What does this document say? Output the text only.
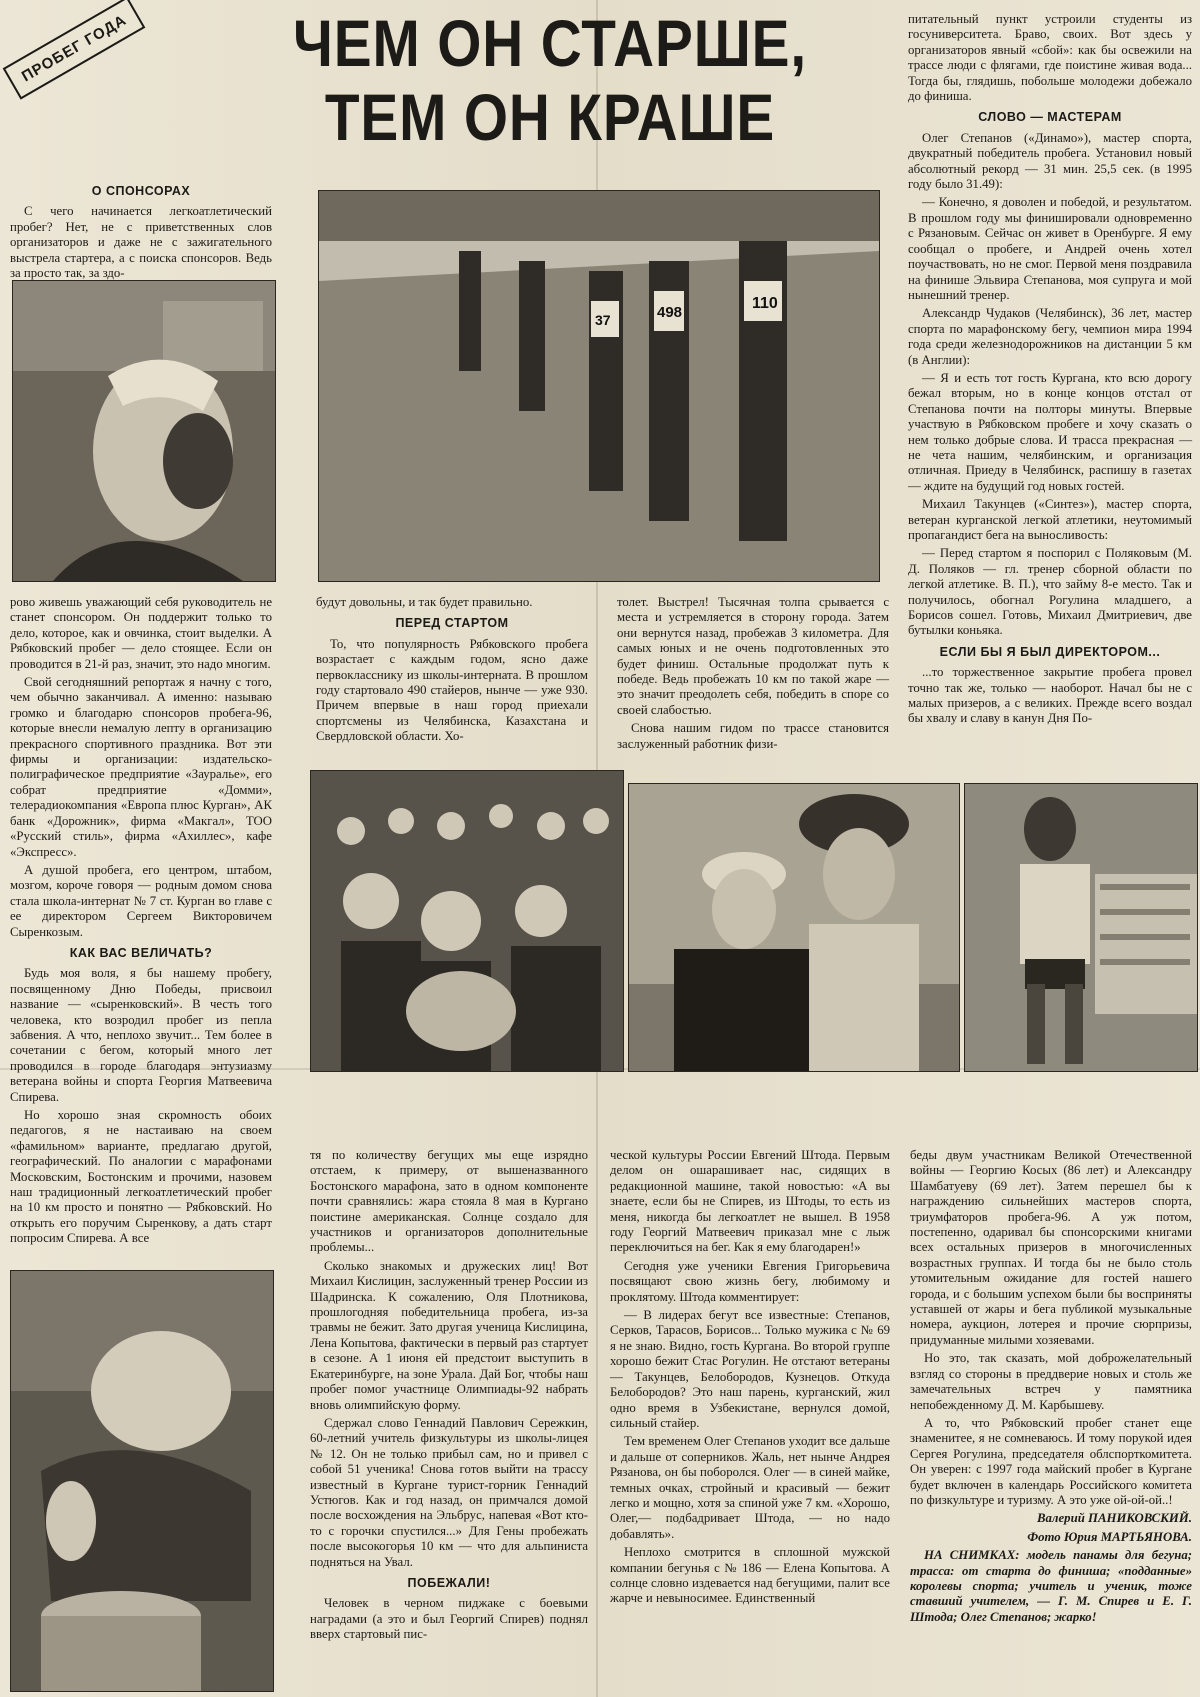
ПРОБЕГ ГОДА	ЧЕМ ОН СТАРШЕ,
ТЕМ ОН КРАШЕ
О СПОНСОРАХ

С чего начинается легкоатлетический пробег? Нет, не с приветственных слов организаторов и даже не с зажигательного выстрела стартера, а с поиска спонсоров. Ведь за просто так, за здо-

рово живешь уважающий себя руководитель не станет спонсором. Он поддержит только то дело, которое, как и овчинка, стоит выделки. А Рябковский пробег — дело стоящее. Если он проводится в 21-й раз, значит, это надо многим.

Свой сегодняшний репортаж я начну с того, чем обычно заканчивал. А именно: называю громко и благодарю спонсоров пробега-96, которые внесли немалую лепту в организацию прекрасного спортивного праздника. Вот эти фирмы и организации: издательско-полиграфическое предприятие «Зауралье», его собрат предприятие «Домми», телерадиокомпания «Европа плюс Курган», АК банк «Дорожник», фирма «Макгал», ТОО «Русский стиль», фирма «Ахиллес», кафе «Экспресс».

А душой пробега, его центром, штабом, мозгом, короче говоря — родным домом снова стала школа-интернат № 7 ст. Курган во главе с ее директором Сергеем Викторовичем Сыренкозым.

КАК ВАС ВЕЛИЧАТЬ?

Будь моя воля, я бы нашему пробегу, посвященному Дню Победы, присвоил название — «сыренковский». В честь того человека, кто возродил пробег из пепла забвения. А что, неплохо звучит... Тем более в сочетании с бегом, который много лет проводился в городе благодаря энтузиазму ветерана войны и спорта Георгия Матвеевича Спирева.

Но хорошо зная скромность обоих педагогов, я не настаиваю на своем «фамильном» варианте, предлагаю другой, географический. По аналогии с марафонами Московским, Бостонским и прочими, назовем наш традиционный легкоатлетический пробег на 10 км просто и понятно — Рябковский. Но открыть его поручим Сыренкову, а дать старт попросим Спирева. А все

110
498
37

будут довольны, и так будет правильно.

ПЕРЕД СТАРТОМ

То, что популярность Рябковского пробега возрастает с каждым годом, ясно даже первокласснику из школы-интерната. В прошлом году стартовало 490 стайеров, нынче — уже 930. Причем впервые в наш город приехали спортсмены из Челябинска, Казахстана и Свердловской области. Хо-

толет. Выстрел! Тысячная толпа срывается с места и устремляется в сторону города. Затем они вернутся назад, пробежав 3 километра. Для самых юных и не очень подготовленных это будет финиш. Остальные продолжат путь к победе. Ведь пробежать 10 км по такой жаре — это значит преодолеть себя, победить в споре со своей слабостью.

Снова нашим гидом по трассе становится заслуженный работник физи-

тя по количеству бегущих мы еще изрядно отстаем, к примеру, от вышеназванного Бостонского марафона, зато в одном компоненте почти сравнялись: жара стояла 8 мая в Кургано поистине американская. Солнце создало для участников и организаторов дополнительные проблемы...

Сколько знакомых и дружеских лиц! Вот Михаил Кислицин, заслуженный тренер России из Шадринска. К сожалению, Оля Плотникова, прошлогодняя победительница пробега, из-за травмы не бежит. Зато другая ученица Кислицина, Лена Копытова, фактически в первый раз стартует в сезоне. А 1 июня ей предстоит выступить в Екатеринбурге, на зоне Урала. Дай Бог, чтобы наш пробег помог участнице Олимпиады-92 набрать вновь олимпийскую форму.

Сдержал слово Геннадий Павлович Сережкин, 60-летний учитель физкультуры из школы-лицея № 12. Он не только прибыл сам, но и привел с собой 51 ученика! Снова готов выйти на трассу известный в Кургане турист-горник Геннадий Устюгов. Как и год назад, он примчался домой после восхождения на Эльбрус, напевая «Вот кто-то с горочки спустился...» Для Гены пробежать после высокогорья 10 км — что для альпиниста подняться на Увал.

ПОБЕЖАЛИ!

Человек в черном пиджаке с боевыми наградами (а это и был Георгий Спирев) поднял вверх стартовый пис-

ческой культуры России Евгений Штода. Первым делом он ошарашивает нас, сидящих в редакционной машине, такой новостью: «А вы знаете, если бы не Спирев, из Штоды, то есть из меня, никогда бы легкоатлет не вышел. В 1958 году Георгий Матвеевич приказал мне с лыж переключиться на бег. Как я ему благодарен!»

Сегодня уже ученики Евгения Григорьевича посвящают свою жизнь бегу, любимому и проклятому. Штода комментирует:

— В лидерах бегут все известные: Степанов, Серков, Тарасов, Борисов... Только мужика с № 69 я не знаю. Видно, гость Кургана. Во второй группе хорошо бежит Стас Рогулин. Не отстают ветераны — Такунцев, Белобородов, Кузнецов. Откуда Белобородов? Это наш парень, курганский, жил одно время в Узбекистане, вернулся домой, сильный стайер.

Тем временем Олег Степанов уходит все дальше и дальше от соперников. Жаль, нет нынче Андрея Рязанова, он бы поборолся. Олег — в синей майке, темных очках, стройный и красивый — бежит легко и мощно, хотя за спиной уже 7 км. «Хорошо, Олег,— подбадривает Штода, — но надо добавлять».

Неплохо смотрится в сплошной мужской компании бегунья с № 186 — Елена Копытова. А солнце словно издевается над бегущими, палит все жарче и невыносимее. Единственный

питательный пункт устроили студенты из госуниверситета. Браво, своих. Вот здесь у организаторов явный «сбой»: как бы освежили на трассе люди с флягами, где поистине живая вода... Тогда бы, глядишь, побольше молодежи добежало до финиша.

СЛОВО — МАСТЕРАМ

Олег Степанов («Динамо»), мастер спорта, двукратный победитель пробега. Установил новый абсолютный рекорд — 31 мин. 25,5 сек. (в 1995 году было 31.49):

— Конечно, я доволен и победой, и результатом. В прошлом году мы финишировали одновременно с Рязановым. Сейчас он живет в Оренбурге. Я ему сообщал о пробеге, и Андрей очень хотел поучаствовать, но не смог. Первой меня поздравила на финише Эльвира Степанова, моя супруга и мой нынешний тренер.

Александр Чудаков (Челябинск), 36 лет, мастер спорта по марафонскому бегу, чемпион мира 1994 года среди железнодорожников на дистанции 5 км (в Англии):

— Я и есть тот гость Кургана, кто всю дорогу бежал вторым, но в конце концов отстал от Степанова почти на полторы минуты. Впервые участвую в Рябковском пробеге и хочу сказать о нем только добрые слова. И трасса прекрасная — не чета нашим, челябинским, и организация отличная. Приеду в Челябинск, распишу в газетах — ждите на будущий год новых гостей.

Михаил Такунцев («Синтез»), мастер спорта, ветеран курганской легкой атлетики, неутомимый пропагандист бега на выносливость:

— Перед стартом я поспорил с Поляковым (М. Д. Поляков — гл. тренер сборной области по легкой атлетике. В. П.), что займу 8-е место. Так и получилось, обогнал Рогулина младшего, а Борисов сошел. Готовь, Михаил Дмитриевич, две бутылки коньяка.

ЕСЛИ БЫ Я БЫЛ ДИРЕКТОРОМ...

...то торжественное закрытие пробега провел точно так же, только — наоборот. Начал бы не с малых призеров, а с великих. Прежде всего воздал бы хвалу и славу в канун Дня По-

беды двум участникам Великой Отечественной войны — Георгию Косых (86 лет) и Александру Шамбатуеву (69 лет). Затем перешел бы к награждению сильнейших мастеров спорта, триумфаторов пробега-96. А уж потом, постепенно, одаривал бы спонсорскими книгами всех остальных призеров в многочисленных возрастных группах. И тогда бы не было столь утомительным ожидание для гостей нашего города, и с большим успехом были бы восприняты уставшей от жары и бега публикой музыкальные номера, аукцион, лотерея и прочие сюрпризы, придуманные милыми хозяевами.

Но это, так сказать, мой доброжелательный взгляд со стороны в преддверие новых и столь же замечательных встреч у памятника непобежденному Д. М. Карбышеву.

А то, что Рябковский пробег станет еще знаменитее, я не сомневаюсь. И тому порукой идея Сергея Рогулина, председателя облспорткомитета. Он уверен: с 1997 года майский пробег в Кургане будет включен в календарь Российского комитета по физкультуре и туризму. А это уже ой-ой-ой..!

Валерий ПАНИКОВСКИЙ.

Фото Юрия МАРТЬЯНОВА.

НА СНИМКАХ: модель панамы для бегуна; трасса: от старта до финиша; «подданные» королевы спорта; учитель и ученик, тоже ставший учителем, — Г. М. Спирев и Е. Г. Штода; Олег Степанов; жарко!
